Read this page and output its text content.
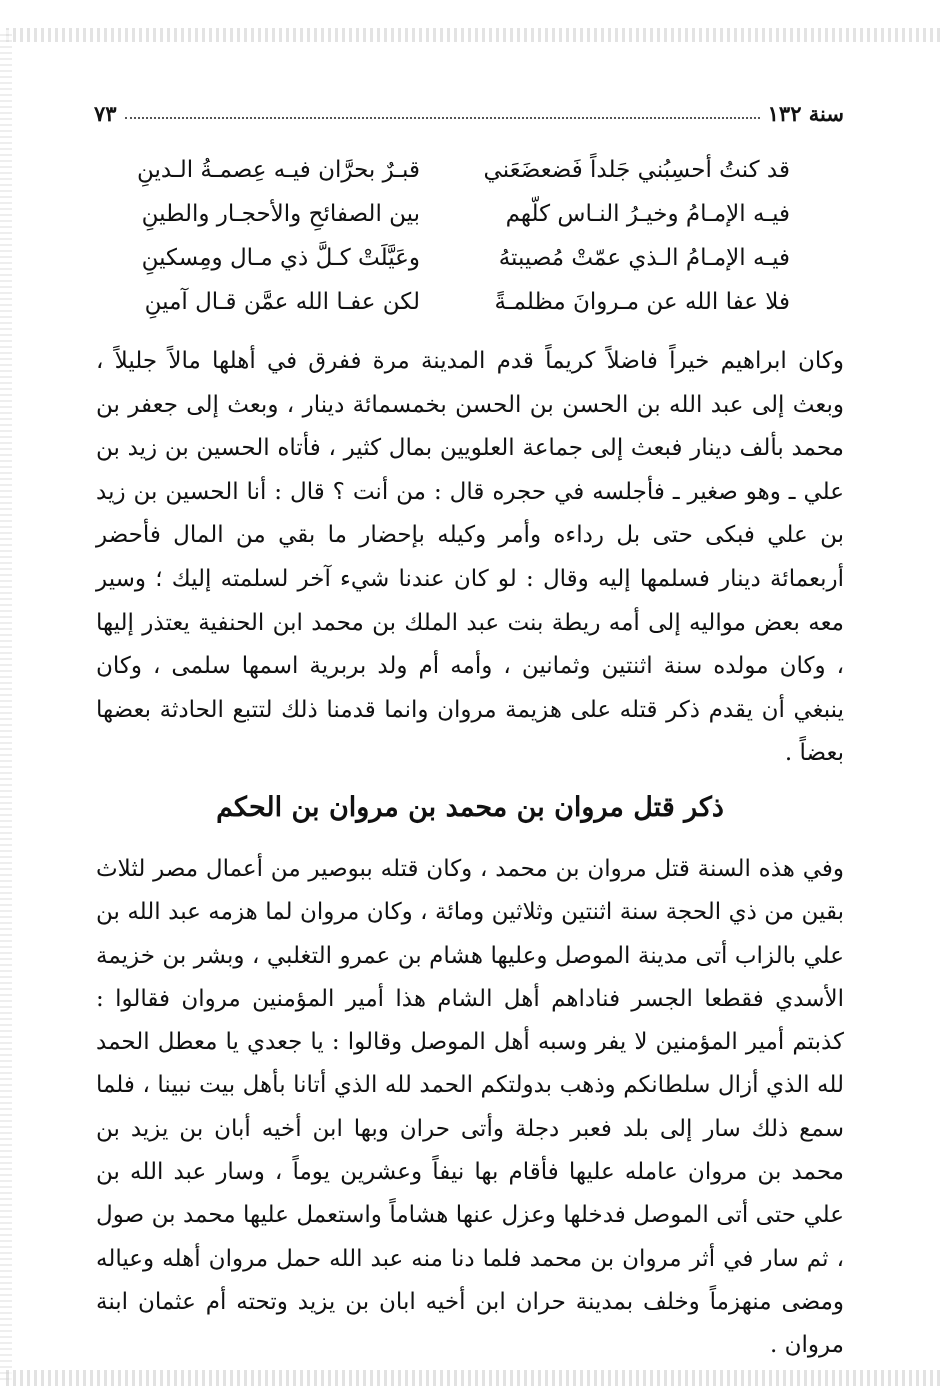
سنة ١٣٢
٧٣
قد كنتُ أحسِبُني جَلداً فَضعضَعَني
قبـرٌ بحرَّان فيـه عِصمـةُ الـدينِ
فيـه الإمـامُ وخيـرُ النـاس كلّهم
بين الصفائحِ والأحجـار والطينِ
فيـه الإمـامُ الـذي عمّتْ مُصيبتهُ
وعَيَّلَتْ كـلَّ ذي مـال ومِسكينِ
فلا عفا الله عن مـروانَ مظلمـةً
لكن عفـا الله عمَّن قـال آمينِ

وكان ابراهيم خيراً فاضلاً كريماً قدم المدينة مرة ففرق في أهلها مالاً جليلاً ، وبعث إلى عبد الله بن الحسن بن الحسن بخمسمائة دينار ، وبعث إلى جعفر بن محمد بألف دينار فبعث إلى جماعة العلويين بمال كثير ، فأتاه الحسين بن زيد بن علي ـ وهو صغير ـ فأجلسه في حجره قال : من أنت ؟ قال : أنا الحسين بن زيد بن علي فبكى حتى بل رداءه وأمر وكيله بإحضار ما بقي من المال فأحضر أربعمائة دينار فسلمها إليه وقال : لو كان عندنا شيء آخر لسلمته إليك ؛ وسير معه بعض مواليه إلى أمه ريطة بنت عبد الملك بن محمد ابن الحنفية يعتذر إليها ، وكان مولده سنة اثنتين وثمانين ، وأمه أم ولد بربرية اسمها سلمى ، وكان ينبغي أن يقدم ذكر قتله على هزيمة مروان وانما قدمنا ذلك لتتبع الحادثة بعضها بعضاً .

ذكر قتل مروان بن محمد بن مروان بن الحكم

وفي هذه السنة قتل مروان بن محمد ، وكان قتله ببوصير من أعمال مصر لثلاث بقين من ذي الحجة سنة اثنتين وثلاثين ومائة ، وكان مروان لما هزمه عبد الله بن علي بالزاب أتى مدينة الموصل وعليها هشام بن عمرو التغلبي ، وبشر بن خزيمة الأسدي فقطعا الجسر فناداهم أهل الشام هذا أمير المؤمنين مروان فقالوا : كذبتم أمير المؤمنين لا يفر وسبه أهل الموصل وقالوا : يا جعدي يا معطل الحمد لله الذي أزال سلطانكم وذهب بدولتكم الحمد لله الذي أتانا بأهل بيت نبينا ، فلما سمع ذلك سار إلى بلد فعبر دجلة وأتى حران وبها ابن أخيه أبان بن يزيد بن محمد بن مروان عامله عليها فأقام بها نيفاً وعشرين يوماً ، وسار عبد الله بن علي حتى أتى الموصل فدخلها وعزل عنها هشاماً واستعمل عليها محمد بن صول ، ثم سار في أثر مروان بن محمد فلما دنا منه عبد الله حمل مروان أهله وعياله ومضى منهزماً وخلف بمدينة حران ابن أخيه ابان بن يزيد وتحته أم عثمان ابنة مروان .
